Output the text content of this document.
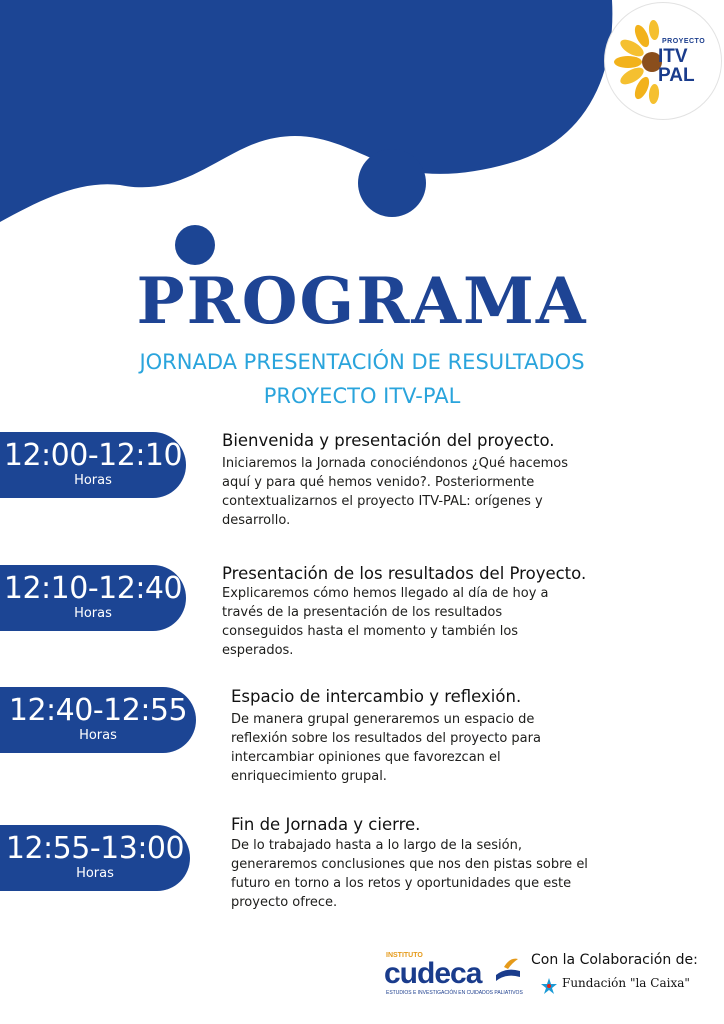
PROYECTO
ITV
PAL
PROGRAMA
JORNADA PRESENTACIÓN DE RESULTADOS
PROYECTO ITV-PAL
12:00-12:10
Horas
Bienvenida y presentación del proyecto.
Iniciaremos la Jornada conociéndonos ¿Qué hacemos aquí y para qué hemos venido?. Posteriormente contextualizarnos el proyecto ITV-PAL: orígenes y desarrollo.
12:10-12:40
Horas
Presentación de los resultados del Proyecto.
Explicaremos cómo hemos llegado al día de hoy a través de la presentación de los resultados conseguidos hasta el momento y también los esperados.
12:40-12:55
Horas
Espacio de intercambio y reflexión.
De manera grupal generaremos un espacio de reflexión sobre los resultados del proyecto para intercambiar opiniones que favorezcan el enriquecimiento grupal.
12:55-13:00
Horas
Fin de Jornada y cierre.
De lo trabajado hasta a lo largo de la sesión, generaremos conclusiones que nos den pistas sobre el futuro en torno a los retos y oportunidades que este proyecto ofrece.
INSTITUTO
cudeca
ESTUDIOS E INVESTIGACIÓN EN CUIDADOS PALIATIVOS
Con la Colaboración de:
Fundación "la Caixa"
